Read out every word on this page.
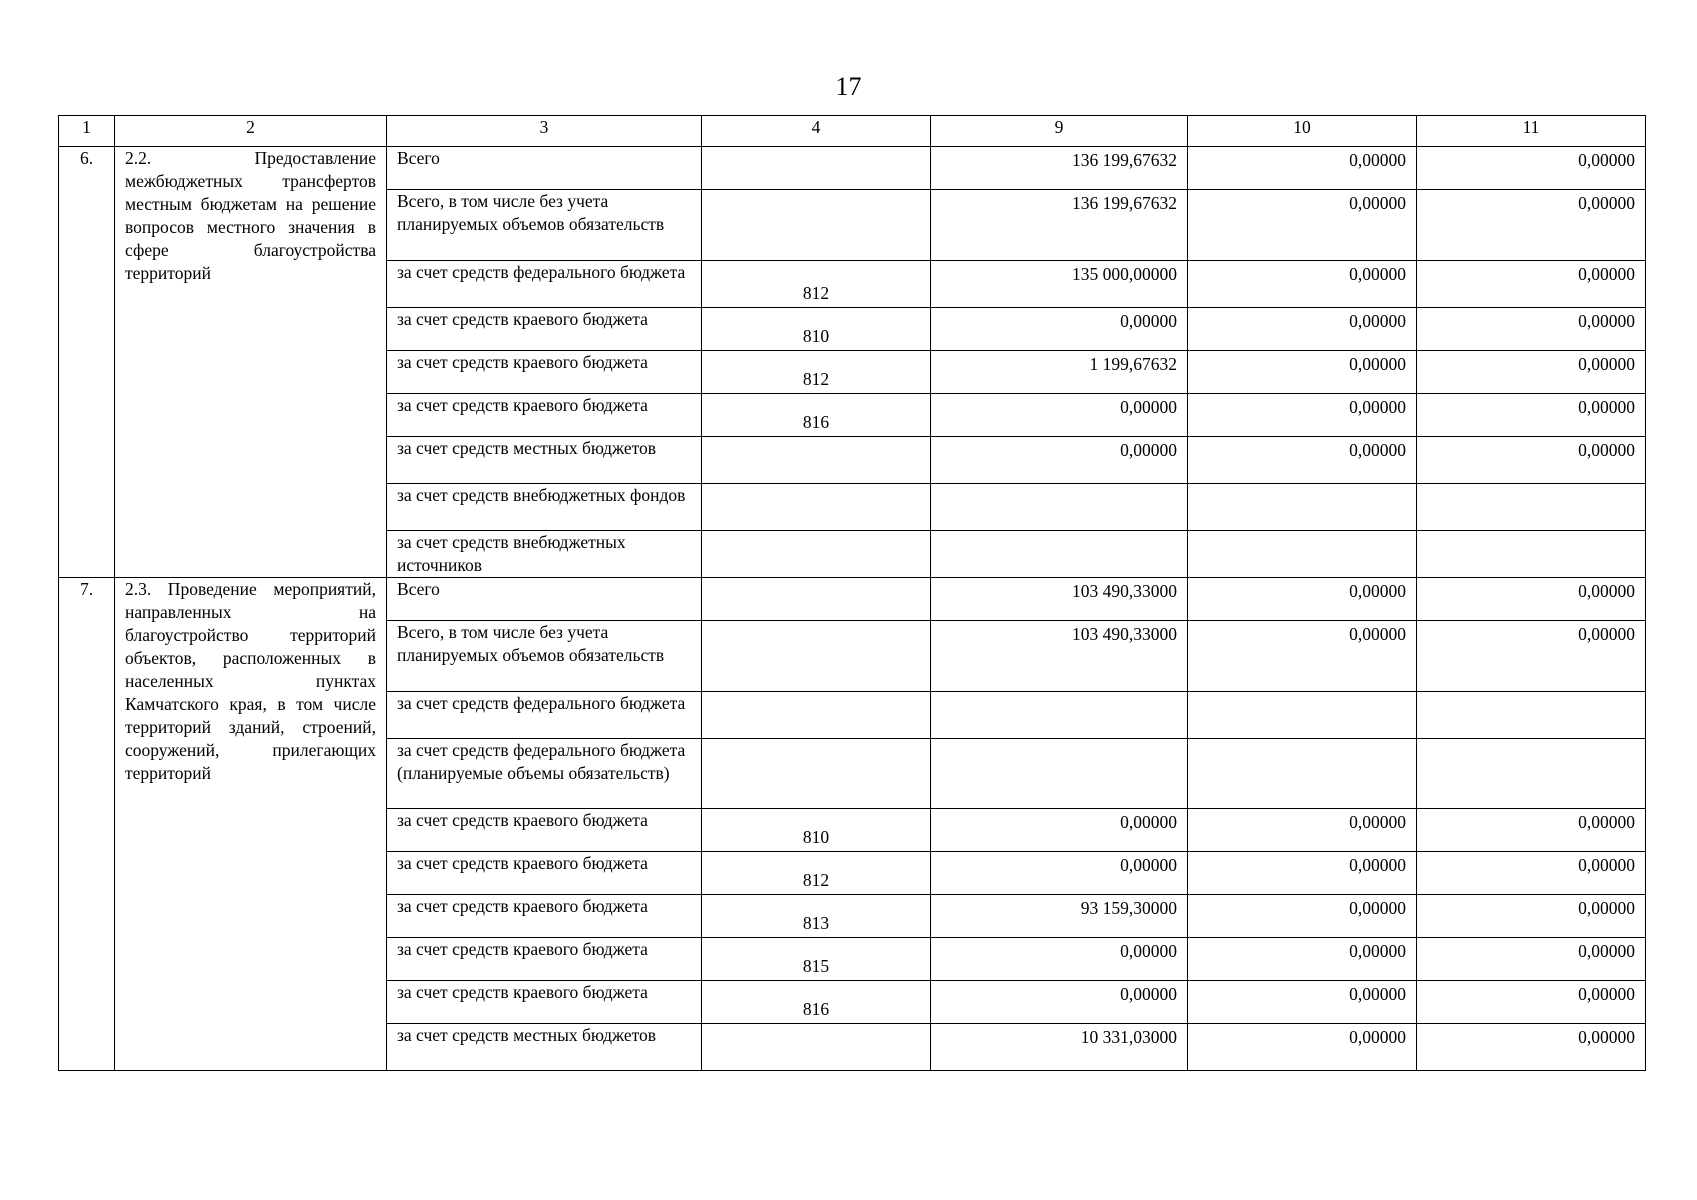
17
1	2	3	4	9	10	11
6.	2.2. Предоставление межбюджетных трансфертов местным бюджетам на решение вопросов местного значения в сфере благоустройства территорий	Всего		136 199,67632	0,00000	0,00000
		Всего, в том числе без учета планируемых объемов обязательств		136 199,67632	0,00000	0,00000
		за счет средств федерального бюджета	812	135 000,00000	0,00000	0,00000
		за счет средств краевого бюджета	810	0,00000	0,00000	0,00000
		за счет средств краевого бюджета	812	1 199,67632	0,00000	0,00000
		за счет средств краевого бюджета	816	0,00000	0,00000	0,00000
		за счет средств местных бюджетов		0,00000	0,00000	0,00000
		за счет средств внебюджетных фондов				
		за счет средств внебюджетных источников				
7.	2.3. Проведение мероприятий, направленных на благоустройство территорий объектов, расположенных в населенных пунктах Камчатского края, в том числе территорий зданий, строений, сооружений, прилегающих территорий	Всего		103 490,33000	0,00000	0,00000
		Всего, в том числе без учета планируемых объемов обязательств		103 490,33000	0,00000	0,00000
		за счет средств федерального бюджета				
		за счет средств федерального бюджета (планируемые объемы обязательств)				
		за счет средств краевого бюджета	810	0,00000	0,00000	0,00000
		за счет средств краевого бюджета	812	0,00000	0,00000	0,00000
		за счет средств краевого бюджета	813	93 159,30000	0,00000	0,00000
		за счет средств краевого бюджета	815	0,00000	0,00000	0,00000
		за счет средств краевого бюджета	816	0,00000	0,00000	0,00000
		за счет средств местных бюджетов		10 331,03000	0,00000	0,00000
